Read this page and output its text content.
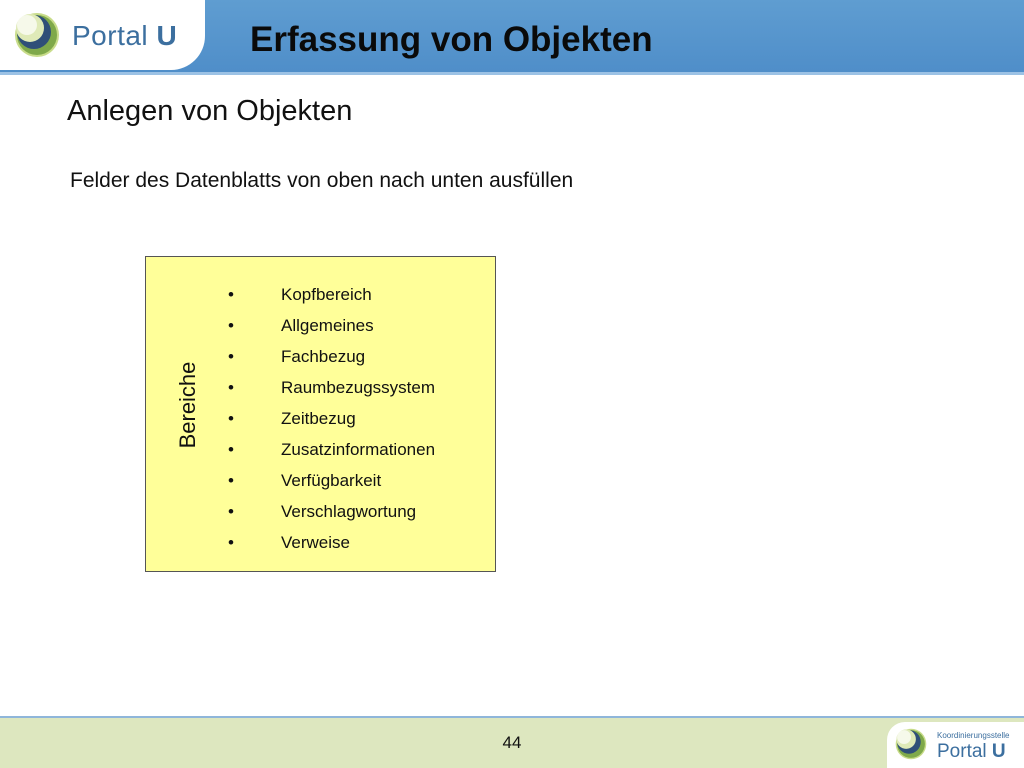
Portal U Erfassung von Objekten
Anlegen von Objekten
Felder des Datenblatts von oben nach unten ausfüllen
Bereiche
•	Kopfbereich
•	Allgemeines
•	Fachbezug
•	Raumbezugssystem
•	Zeitbezug
•	Zusatzinformationen
•	Verfügbarkeit
•	Verschlagwortung
•	Verweise
44	Koordinierungsstelle
Portal U
